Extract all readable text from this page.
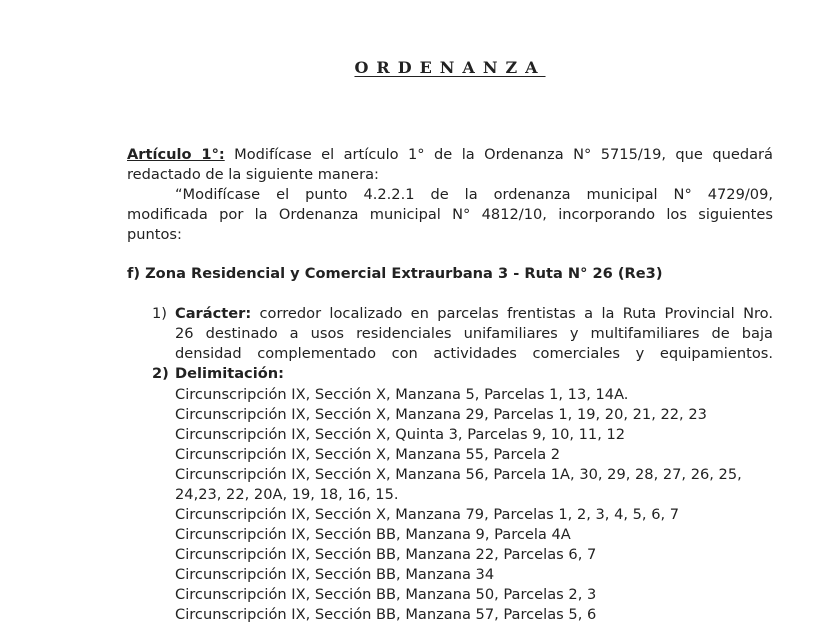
ORDENANZA
Artículo 1°: Modifícase el artículo 1° de la Ordenanza N° 5715/19, que quedará
redactado de la siguiente manera:
“Modifícase el punto 4.2.2.1 de la ordenanza municipal N° 4729/09,
modificada por la Ordenanza municipal N° 4812/10, incorporando los siguientes
puntos:
f) Zona Residencial y Comercial Extraurbana 3 - Ruta N° 26 (Re3)
1) Carácter: corredor localizado en parcelas frentistas a la Ruta Provincial Nro.
26 destinado a usos residenciales unifamiliares y multifamiliares de baja
densidad complementado con actividades comerciales y equipamientos.
2) Delimitación:
Circunscripción IX, Sección X, Manzana 5, Parcelas 1, 13, 14A.
Circunscripción IX, Sección X, Manzana 29, Parcelas 1, 19, 20, 21, 22, 23
Circunscripción IX, Sección X, Quinta 3, Parcelas 9, 10, 11, 12
Circunscripción IX, Sección X, Manzana 55, Parcela 2
Circunscripción IX, Sección X, Manzana 56, Parcela 1A, 30, 29, 28, 27, 26, 25,
24,23, 22, 20A, 19, 18, 16, 15.
Circunscripción IX, Sección X, Manzana 79, Parcelas 1, 2, 3, 4, 5, 6, 7
Circunscripción IX, Sección BB, Manzana 9, Parcela 4A
Circunscripción IX, Sección BB, Manzana 22, Parcelas 6, 7
Circunscripción IX, Sección BB, Manzana 34
Circunscripción IX, Sección BB, Manzana 50, Parcelas 2, 3
Circunscripción IX, Sección BB, Manzana 57, Parcelas 5, 6
